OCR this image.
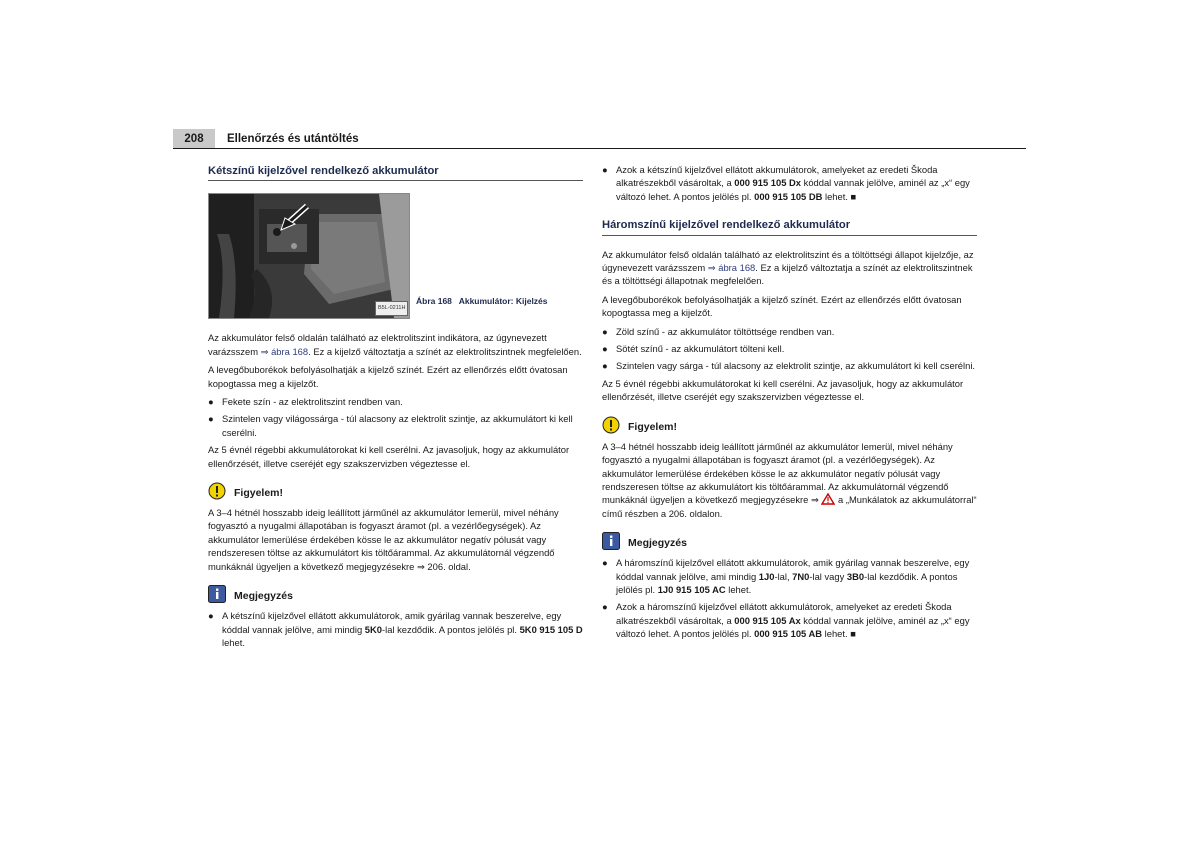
208	Ellenőrzés és utántöltés
Kétszínű kijelzővel rendelkező akkumulátor
B5L-0211H
Ábra 168 Akkumulátor: Kijelzés

Az akkumulátor felső oldalán található az elektrolitszint indikátora, az úgynevezett varázsszem ⇒ ábra 168. Ez a kijelző változtatja a színét az elektrolitszintnek megfelelően.

A levegőbuborékok befolyásolhatják a kijelző színét. Ezért az ellenőrzés előtt óvatosan kopogtassa meg a kijelzőt.

● Fekete szín - az elektrolitszint rendben van.
● Szintelen vagy világossárga - túl alacsony az elektrolit szintje, az akkumulátort ki kell cserélni.

Az 5 évnél régebbi akkumulátorokat ki kell cserélni. Az javasoljuk, hogy az akkumulátor ellenőrzését, illetve cseréjét egy szakszervizben végeztesse el.

Figyelem!

A 3–4 hétnél hosszabb ideig leállított járműnél az akkumulátor lemerül, mivel néhány fogyasztó a nyugalmi állapotában is fogyaszt áramot (pl. a vezérlőegységek). Az akkumulátor lemerülése érdekében kösse le az akkumulátor negatív pólusát vagy rendszeresen töltse az akkumulátort kis töltőárammal. Az akkumulátornál végzendő munkáknál ügyeljen a következő megjegyzésekre ⇒ 206. oldal.

Megjegyzés
● A kétszínű kijelzővel ellátott akkumulátorok, amik gyárilag vannak beszerelve, egy kóddal vannak jelölve, ami mindig 5K0-lal kezdődik. A pontos jelölés pl. 5K0 915 105 D lehet.
● Azok a kétszínű kijelzővel ellátott akkumulátorok, amelyeket az eredeti Škoda alkatrészekből vásároltak, a 000 915 105 Dx kóddal vannak jelölve, aminél az „x“ egy változó lehet. A pontos jelölés pl. 000 915 105 DB lehet. ■
Háromszínű kijelzővel rendelkező akkumulátor

Az akkumulátor felső oldalán található az elektrolitszint és a töltöttségi állapot kijelzője, az úgynevezett varázsszem ⇒ ábra 168. Ez a kijelző változtatja a színét az elektrolitszintnek és a töltöttségi állapotnak megfelelően.

A levegőbuborékok befolyásolhatják a kijelző színét. Ezért az ellenőrzés előtt óvatosan kopogtassa meg a kijelzőt.

● Zöld színű - az akkumulátor töltöttsége rendben van.
● Sötét színű - az akkumulátort tölteni kell.
● Szintelen vagy sárga - túl alacsony az elektrolit szintje, az akkumulátort ki kell cserélni.

Az 5 évnél régebbi akkumulátorokat ki kell cserélni. Az javasoljuk, hogy az akkumulátor ellenőrzését, illetve cseréjét egy szakszervizben végeztesse el.

Figyelem!

A 3–4 hétnél hosszabb ideig leállított járműnél az akkumulátor lemerül, mivel néhány fogyasztó a nyugalmi állapotában is fogyaszt áramot (pl. a vezérlőegységek). Az akkumulátor lemerülése érdekében kösse le az akkumulátor negatív pólusát vagy rendszeresen töltse az akkumulátort kis töltőárammal. Az akkumulátornál végzendő munkáknál ügyeljen a következő megjegyzésekre ⇒  a „Munkálatok az akkumulátorral“ című részben a 206. oldalon.

Megjegyzés
● A háromszínű kijelzővel ellátott akkumulátorok, amik gyárilag vannak beszerelve, egy kóddal vannak jelölve, ami mindig 1J0-lal, 7N0-lal vagy 3B0-lal kezdődik. A pontos jelölés pl. 1J0 915 105 AC lehet.
● Azok a háromszínű kijelzővel ellátott akkumulátorok, amelyeket az eredeti Škoda alkatrészekből vásároltak, a 000 915 105 Ax kóddal vannak jelölve, aminél az „x“ egy változó lehet. A pontos jelölés pl. 000 915 105 AB lehet. ■
